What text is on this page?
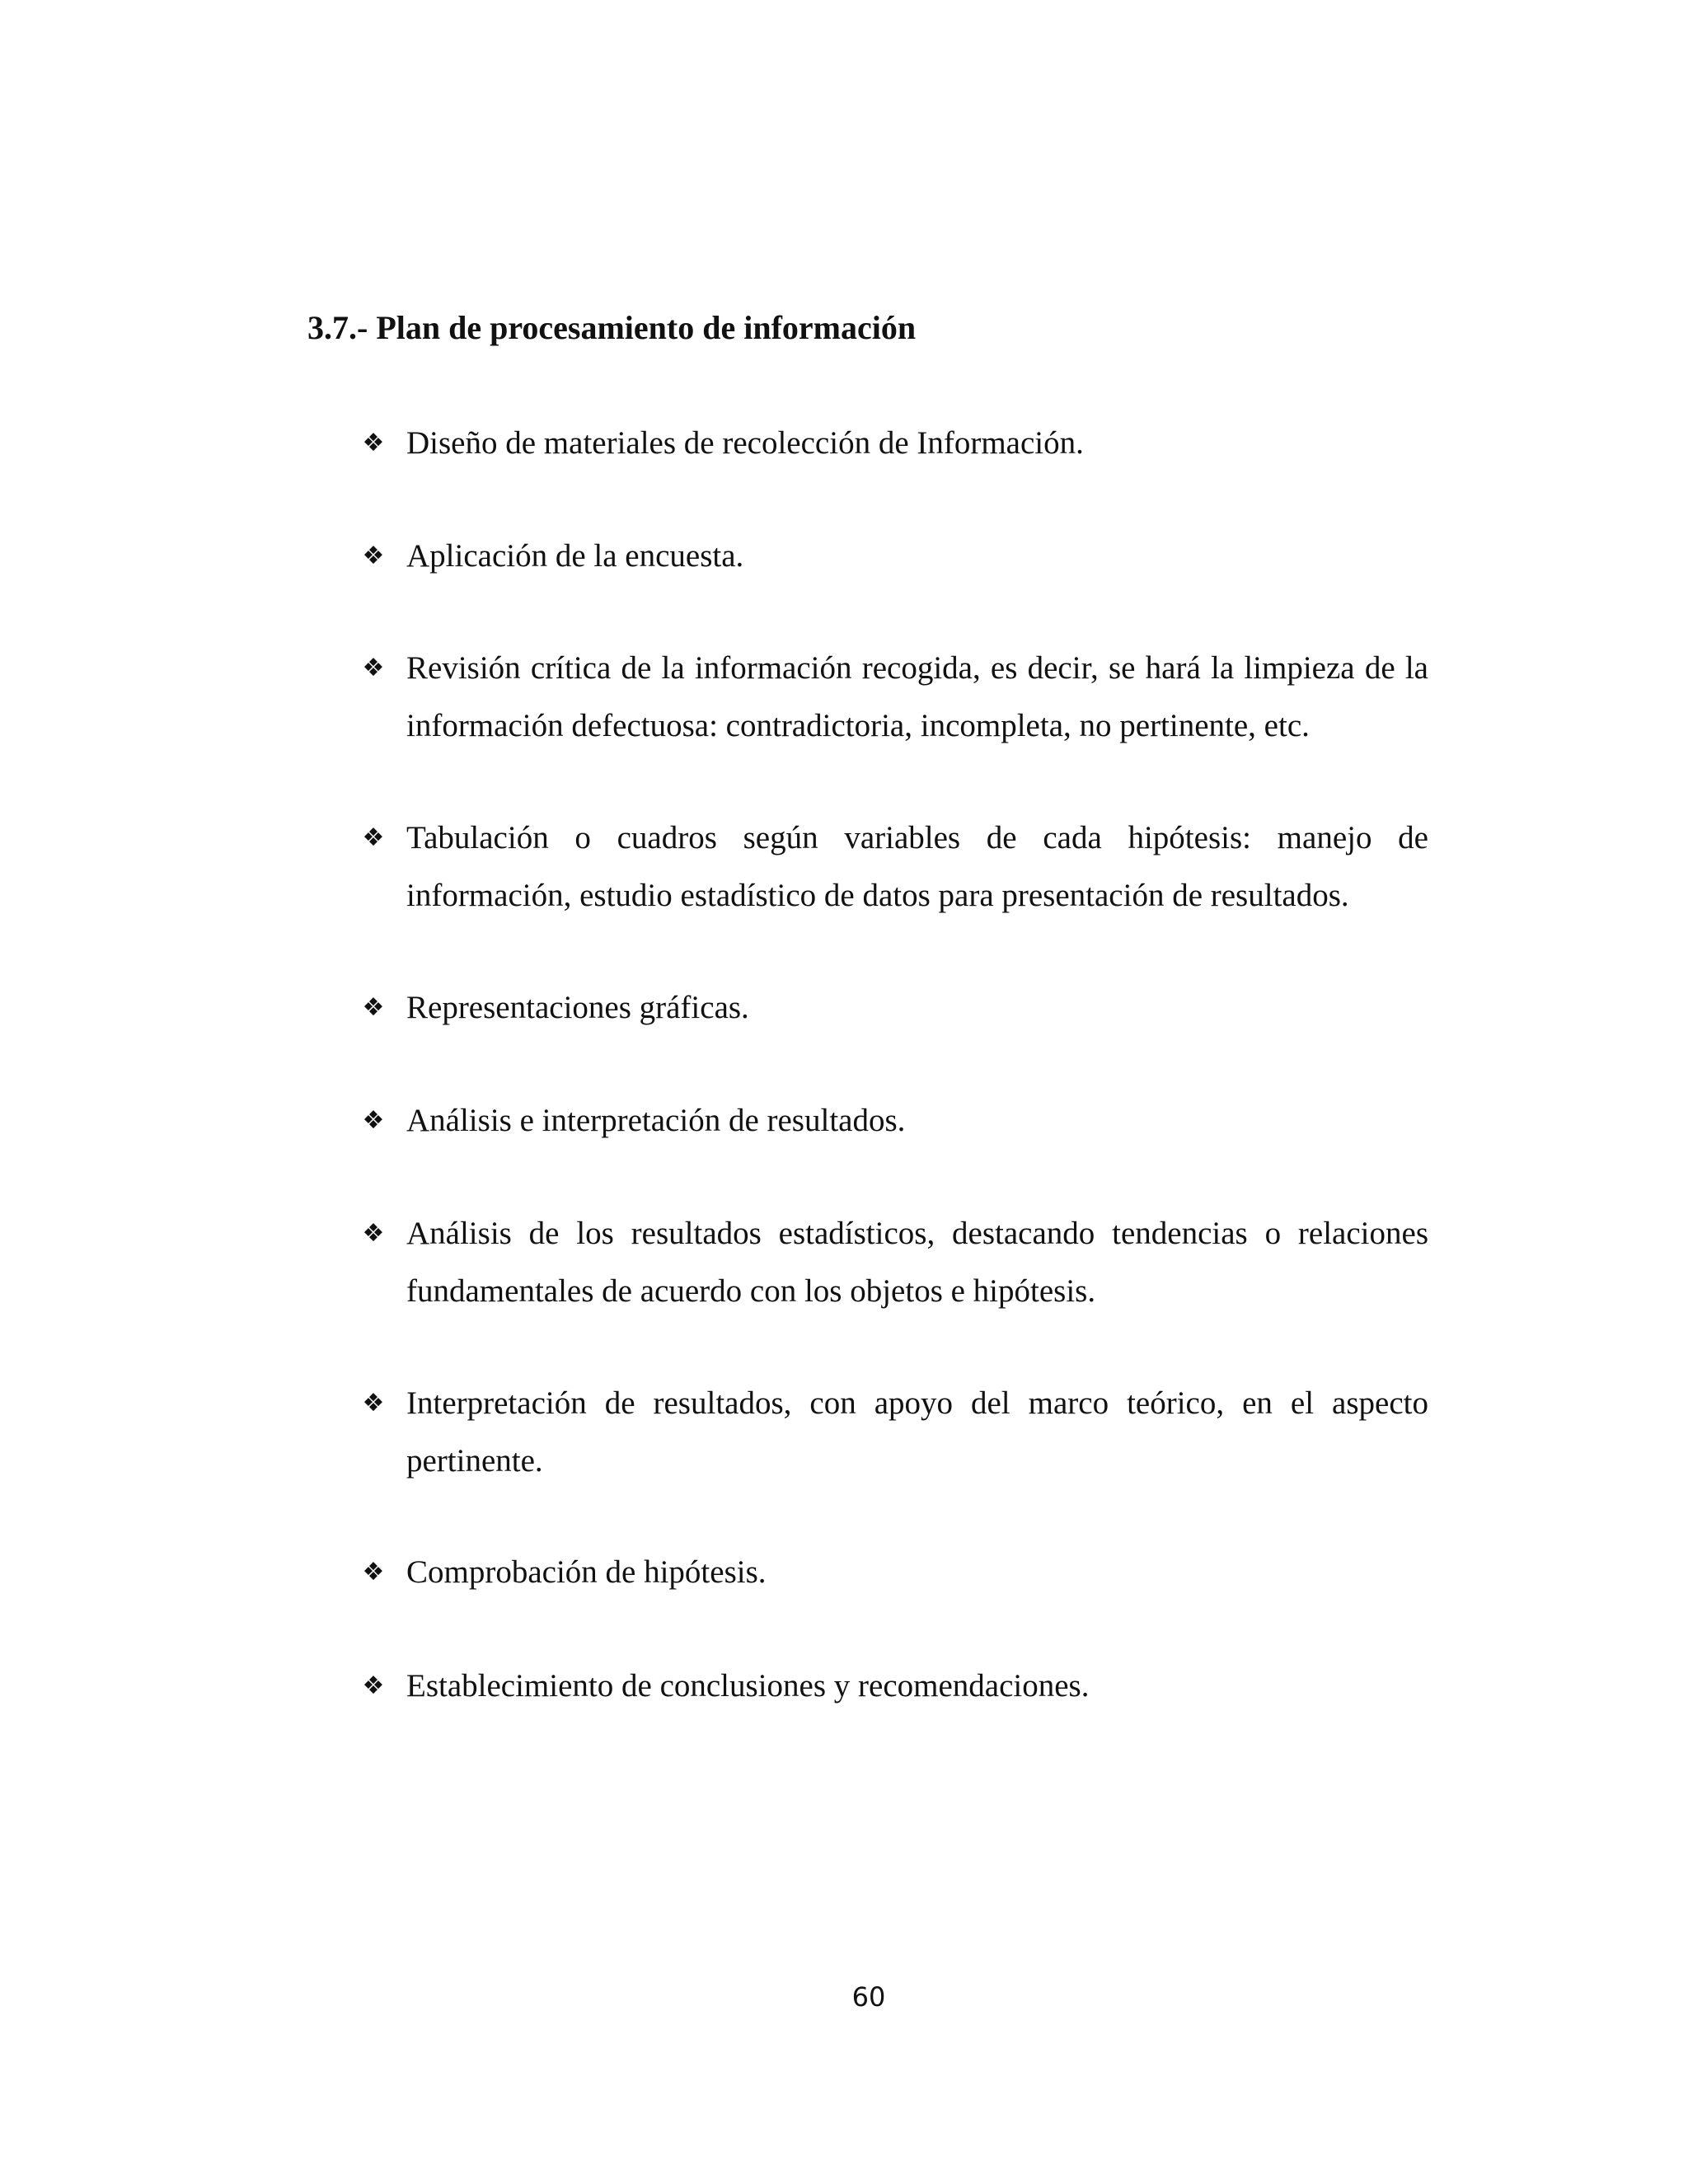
3.7.- Plan de procesamiento de información
❖ Diseño de materiales de recolección de Información.
❖ Aplicación de la encuesta.
❖ Revisión crítica de la información recogida, es decir, se hará la limpieza de la información defectuosa: contradictoria, incompleta, no pertinente, etc.
❖ Tabulación o cuadros según variables de cada hipótesis: manejo de información, estudio estadístico de datos para presentación de resultados.
❖ Representaciones gráficas.
❖ Análisis e interpretación de resultados.
❖ Análisis de los resultados estadísticos, destacando tendencias o relaciones fundamentales de acuerdo con los objetos e hipótesis.
❖ Interpretación de resultados, con apoyo del marco teórico, en el aspecto pertinente.
❖ Comprobación de hipótesis.
❖ Establecimiento de conclusiones y recomendaciones.
60
